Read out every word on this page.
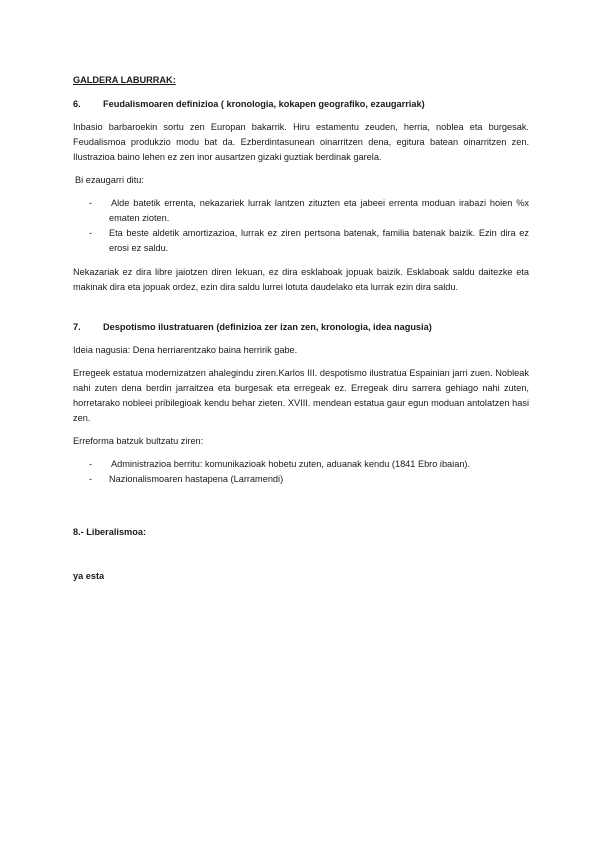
GALDERA LABURRAK:
6. Feudalismoaren definizioa ( kronologia, kokapen geografiko, ezaugarriak)
Inbasio barbaroekin sortu zen Europan bakarrik. Hiru estamentu zeuden, herria, noblea eta burgesak. Feudalismoa produkzio modu bat da. Ezberdintasunean oinarritzen dena, egitura batean oinarritzen zen. Ilustrazioa baino lehen ez zen inor ausartzen gizaki guztiak berdinak garela.
Bi ezaugarri ditu:
- Alde batetik errenta, nekazariek lurrak lantzen zituzten eta jabeei errenta moduan irabazi hoien %x ematen zioten.
- Eta beste aldetik amortizazioa, lurrak ez ziren pertsona batenak, familia batenak baizik. Ezin dira ez erosi ez saldu.
Nekazariak ez dira libre jaiotzen diren lekuan, ez dira esklaboak jopuak baizik. Esklaboak saldu daitezke eta makinak dira eta jopuak ordez, ezin dira saldu lurrei lotuta daudelako eta lurrak ezin dira saldu.
7. Despotismo ilustratuaren (definizioa zer izan zen, kronologia, idea nagusia)
Ideia nagusia: Dena herriarentzako baina herririk gabe.
Erregeek estatua modernizatzen ahalegindu ziren.Karlos III. despotismo ilustratua Espainian jarri zuen. Nobleak nahi zuten dena berdin jarraitzea eta burgesak eta erregeak ez. Erregeak diru sarrera gehiago nahi zuten, horretarako nobleei pribilegioak kendu behar zieten. XVIII. mendean estatua gaur egun moduan antolatzen hasi zen.
Erreforma batzuk bultzatu ziren:
- Administrazioa berritu: komunikazioak hobetu zuten, aduanak kendu (1841 Ebro ibaian).
- Nazionalismoaren hastapena (Larramendi)
8.- Liberalismoa:
ya esta
